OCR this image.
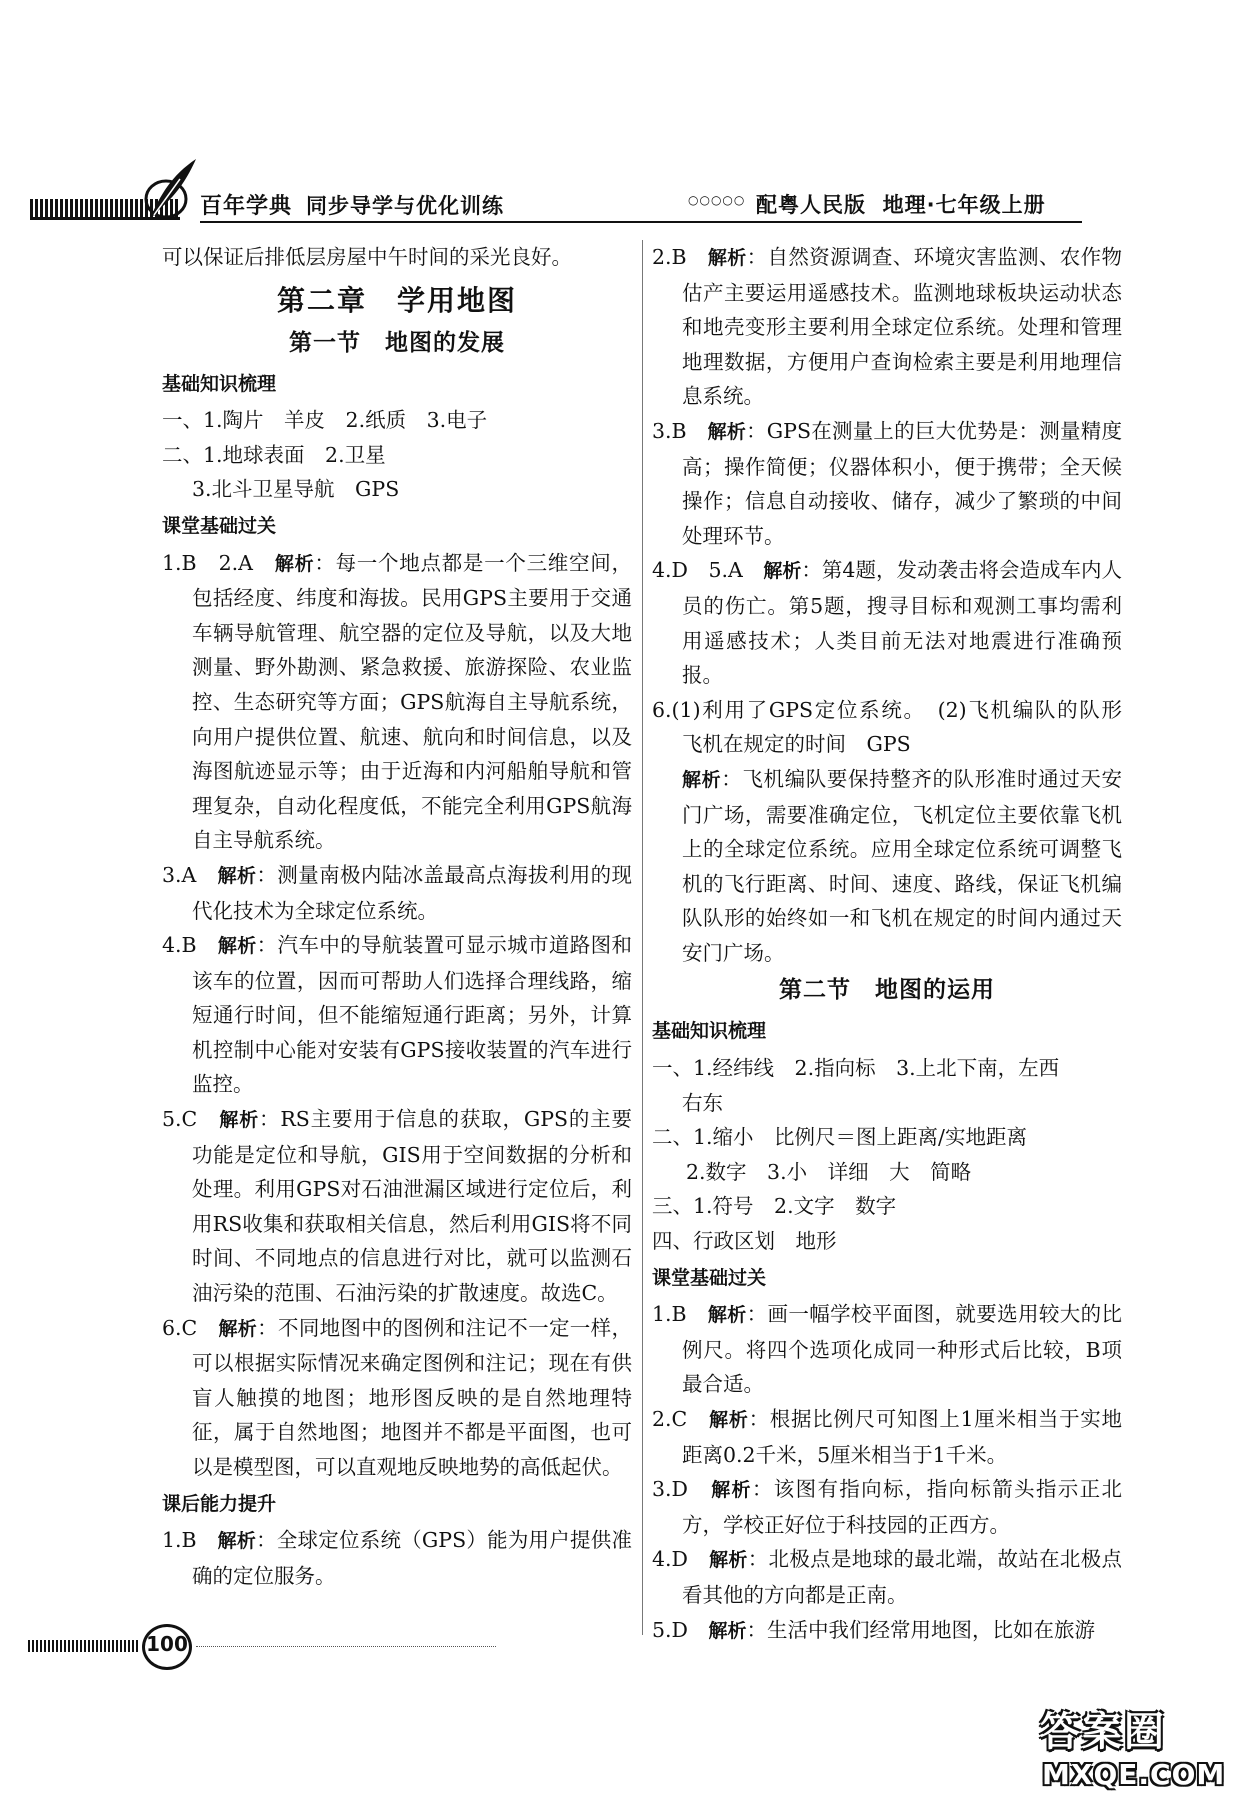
百年学典 同步导学与优化训练	○○○○○ 配粤人民版 地理·七年级上册

可以保证后排低层房屋中午时间的采光良好。

第二章　学用地图
第一节　地图的发展
基础知识梳理

一、1.陶片　羊皮　2.纸质　3.电子

二、1.地球表面　2.卫星

3.北斗卫星导航　GPS

课堂基础过关

1.B　2.A　解析：每一个地点都是一个三维空间，包括经度、纬度和海拔。民用GPS主要用于交通车辆导航管理、航空器的定位及导航，以及大地测量、野外勘测、紧急救援、旅游探险、农业监控、生态研究等方面；GPS航海自主导航系统，向用户提供位置、航速、航向和时间信息，以及海图航迹显示等；由于近海和内河船舶导航和管理复杂，自动化程度低，不能完全利用GPS航海自主导航系统。

3.A　解析：测量南极内陆冰盖最高点海拔利用的现代化技术为全球定位系统。

4.B　解析：汽车中的导航装置可显示城市道路图和该车的位置，因而可帮助人们选择合理线路，缩短通行时间，但不能缩短通行距离；另外，计算机控制中心能对安装有GPS接收装置的汽车进行监控。

5.C　解析：RS主要用于信息的获取，GPS的主要功能是定位和导航，GIS用于空间数据的分析和处理。利用GPS对石油泄漏区域进行定位后，利用RS收集和获取相关信息，然后利用GIS将不同时间、不同地点的信息进行对比，就可以监测石油污染的范围、石油污染的扩散速度。故选C。

6.C　解析：不同地图中的图例和注记不一定一样，可以根据实际情况来确定图例和注记；现在有供盲人触摸的地图；地形图反映的是自然地理特征，属于自然地图；地图并不都是平面图，也可以是模型图，可以直观地反映地势的高低起伏。

课后能力提升

1.B　解析：全球定位系统（GPS）能为用户提供准确的定位服务。

2.B　解析：自然资源调查、环境灾害监测、农作物估产主要运用遥感技术。监测地球板块运动状态和地壳变形主要利用全球定位系统。处理和管理地理数据，方便用户查询检索主要是利用地理信息系统。

3.B　解析：GPS在测量上的巨大优势是：测量精度高；操作简便；仪器体积小，便于携带；全天候操作；信息自动接收、储存，减少了繁琐的中间处理环节。

4.D　5.A　解析：第4题，发动袭击将会造成车内人员的伤亡。第5题，搜寻目标和观测工事均需利用遥感技术；人类目前无法对地震进行准确预报。

6.(1)利用了GPS定位系统。　(2)飞机编队的队形　飞机在规定的时间　GPS

解析：飞机编队要保持整齐的队形准时通过天安门广场，需要准确定位，飞机定位主要依靠飞机上的全球定位系统。应用全球定位系统可调整飞机的飞行距离、时间、速度、路线，保证飞机编队队形的始终如一和飞机在规定的时间内通过天安门广场。

第二节　地图的运用
基础知识梳理

一、1.经纬线　2.指向标　3.上北下南，左西

右东

二、1.缩小　比例尺＝图上距离/实地距离

2.数字　3.小　详细　大　简略

三、1.符号　2.文字　数字

四、行政区划　地形

课堂基础过关

1.B　解析：画一幅学校平面图，就要选用较大的比例尺。将四个选项化成同一种形式后比较，B项最合适。

2.C　解析：根据比例尺可知图上1厘米相当于实地距离0.2千米，5厘米相当于1千米。

3.D　解析：该图有指向标，指向标箭头指示正北方，学校正好位于科技园的正西方。

4.D　解析：北极点是地球的最北端，故站在北极点看其他的方向都是正南。

5.D　解析：生活中我们经常用地图，比如在旅游

100
答案圈
MXQE.COM
